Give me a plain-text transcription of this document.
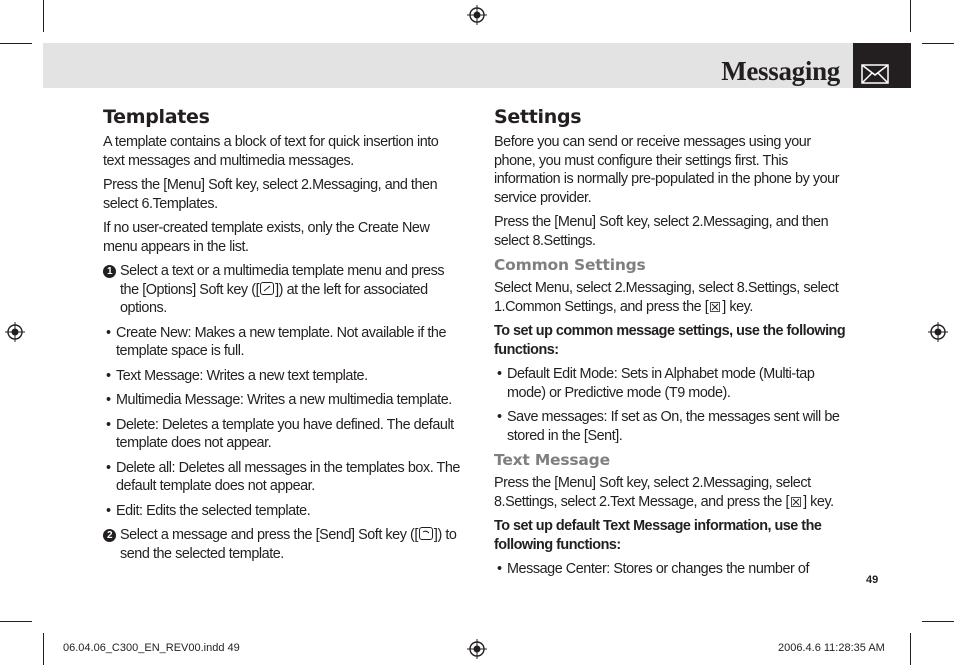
Messaging
Templates
A template contains a block of text for quick insertion into text messages and multimedia messages.
Press the [Menu] Soft key, select 2.Messaging, and then select 6.Templates.
If no user-created template exists, only the Create New menu appears in the list.
1 Select a text or a multimedia template menu and press the [Options] Soft key ([ ]) at the left for associated options.
• Create New: Makes a new template. Not available if the template space is full.
• Text Message: Writes a new text template.
• Multimedia Message: Writes a new multimedia template.
• Delete: Deletes a template you have defined. The default template does not appear.
• Delete all: Deletes all messages in the templates box. The default template does not appear.
• Edit: Edits the selected template.
2 Select a message and press the [Send] Soft key ([ ]) to send the selected template.
Settings
Before you can send or receive messages using your phone, you must configure their settings first. This information is normally pre-populated in the phone by your service provider.
Press the [Menu] Soft key, select 2.Messaging, and then select 8.Settings.
Common Settings
Select Menu, select 2.Messaging, select 8.Settings, select 1.Common Settings, and press the [ ] key.
To set up common message settings, use the following functions:
• Default Edit Mode: Sets in Alphabet mode (Multi-tap mode) or Predictive mode (T9 mode).
• Save messages: If set as On, the messages sent will be stored in the [Sent].
Text Message
Press the [Menu] Soft key, select 2.Messaging, select 8.Settings, select 2.Text Message, and press the [ ] key.
To set up default Text Message information, use the following functions:
• Message Center: Stores or changes the number of
49
06.04.06_C300_EN_REV00.indd 49	2006.4.6 11:28:35 AM
